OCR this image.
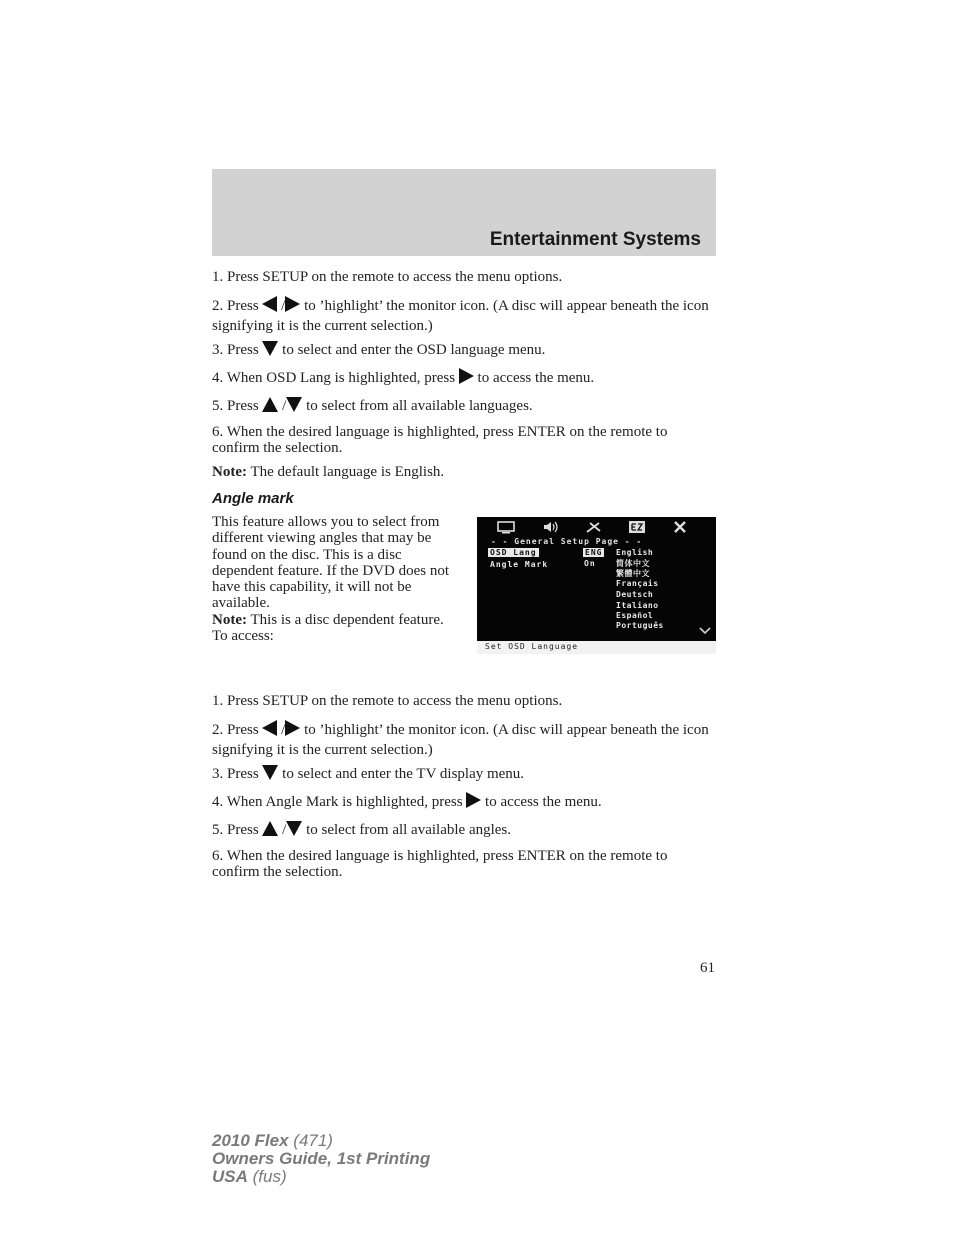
Entertainment Systems
1. Press SETUP on the remote to access the menu options.
2. Press  / to ’highlight’ the monitor icon. (A disc will appear beneath the icon signifying it is the current selection.)
3. Press  to select and enter the OSD language menu.
4. When OSD Lang is highlighted, press  to access the menu.
5. Press  / to select from all available languages.
6. When the desired language is highlighted, press ENTER on the remote to confirm the selection.
Note: The default language is English.
Angle mark
This feature allows you to select from different viewing angles that may be found on the disc. This is a disc dependent feature. If the DVD does not have this capability, it will not be available.
Note: This is a disc dependent feature.
To access:
- - General Setup Page - -
OSD Lang	ENG
Angle Mark	On
English
简体中文
繁體中文
Français
Deutsch
Italiano
Español
Português
Set OSD Language
1. Press SETUP on the remote to access the menu options.
2. Press  / to ’highlight’ the monitor icon. (A disc will appear beneath the icon signifying it is the current selection.)
3. Press  to select and enter the TV display menu.
4. When Angle Mark is highlighted, press  to access the menu.
5. Press  / to select from all available angles.
6. When the desired language is highlighted, press ENTER on the remote to confirm the selection.
61
2010 Flex (471)
Owners Guide, 1st Printing
USA (fus)
